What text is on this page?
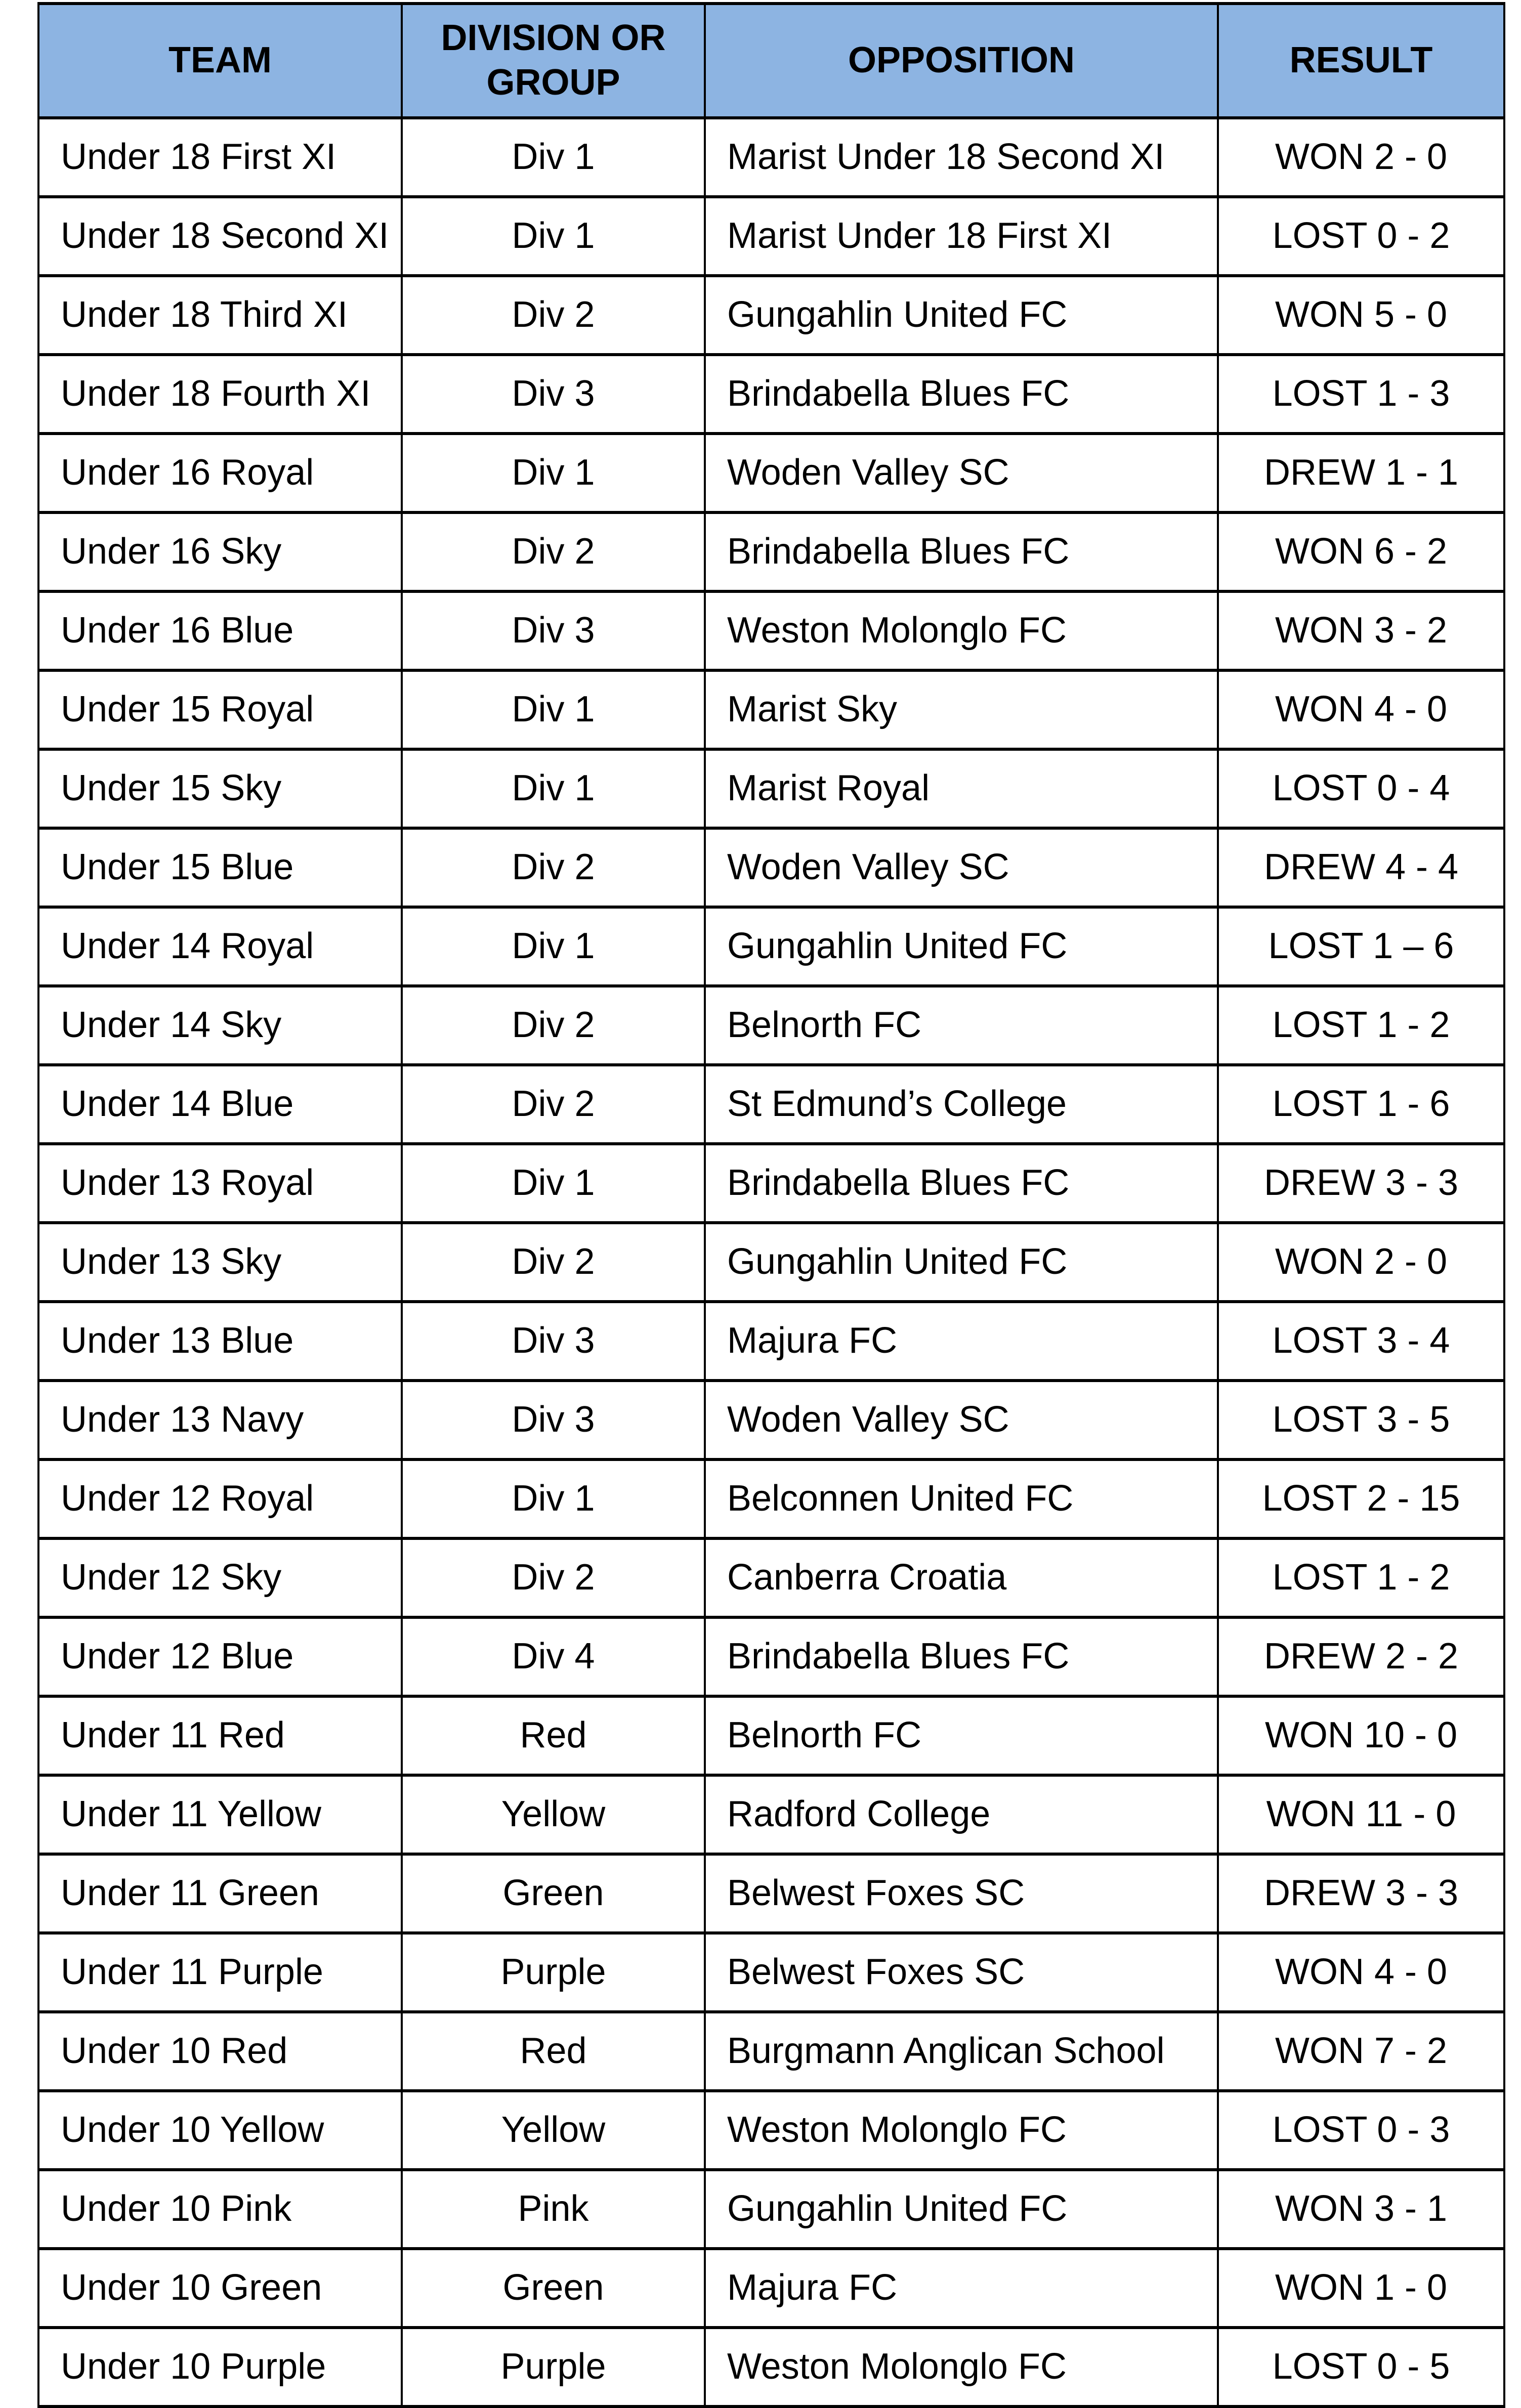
TEAM	DIVISION OR GROUP	OPPOSITION	RESULT
Under 18 First XI	Div 1	Marist Under 18 Second XI	WON 2 - 0
Under 18 Second XI	Div 1	Marist Under 18 First XI	LOST 0 - 2
Under 18 Third XI	Div 2	Gungahlin United FC	WON 5 - 0
Under 18 Fourth XI	Div 3	Brindabella Blues FC	LOST 1 - 3
Under 16 Royal	Div 1	Woden Valley SC	DREW 1 - 1
Under 16 Sky	Div 2	Brindabella Blues FC	WON 6 - 2
Under 16 Blue	Div 3	Weston Molonglo FC	WON 3 - 2
Under 15 Royal	Div 1	Marist Sky	WON 4 - 0
Under 15 Sky	Div 1	Marist Royal	LOST 0 - 4
Under 15 Blue	Div 2	Woden Valley SC	DREW 4 - 4
Under 14 Royal	Div 1	Gungahlin United FC	LOST 1 – 6
Under 14 Sky	Div 2	Belnorth FC	LOST 1 - 2
Under 14 Blue	Div 2	St Edmund’s College	LOST 1 - 6
Under 13 Royal	Div 1	Brindabella Blues FC	DREW 3 - 3
Under 13 Sky	Div 2	Gungahlin United FC	WON 2 - 0
Under 13 Blue	Div 3	Majura FC	LOST 3 - 4
Under 13 Navy	Div 3	Woden Valley SC	LOST 3 - 5
Under 12 Royal	Div 1	Belconnen United FC	LOST 2 - 15
Under 12 Sky	Div 2	Canberra Croatia	LOST 1 - 2
Under 12 Blue	Div 4	Brindabella Blues FC	DREW 2 - 2
Under 11 Red	Red	Belnorth FC	WON 10 - 0
Under 11 Yellow	Yellow	Radford College	WON 11 - 0
Under 11 Green	Green	Belwest Foxes SC	DREW 3 - 3
Under 11 Purple	Purple	Belwest Foxes SC	WON 4 - 0
Under 10 Red	Red	Burgmann Anglican School	WON 7 - 2
Under 10 Yellow	Yellow	Weston Molonglo FC	LOST 0 - 3
Under 10 Pink	Pink	Gungahlin United FC	WON 3 - 1
Under 10 Green	Green	Majura FC	WON 1 - 0
Under 10 Purple	Purple	Weston Molonglo FC	LOST 0 - 5
